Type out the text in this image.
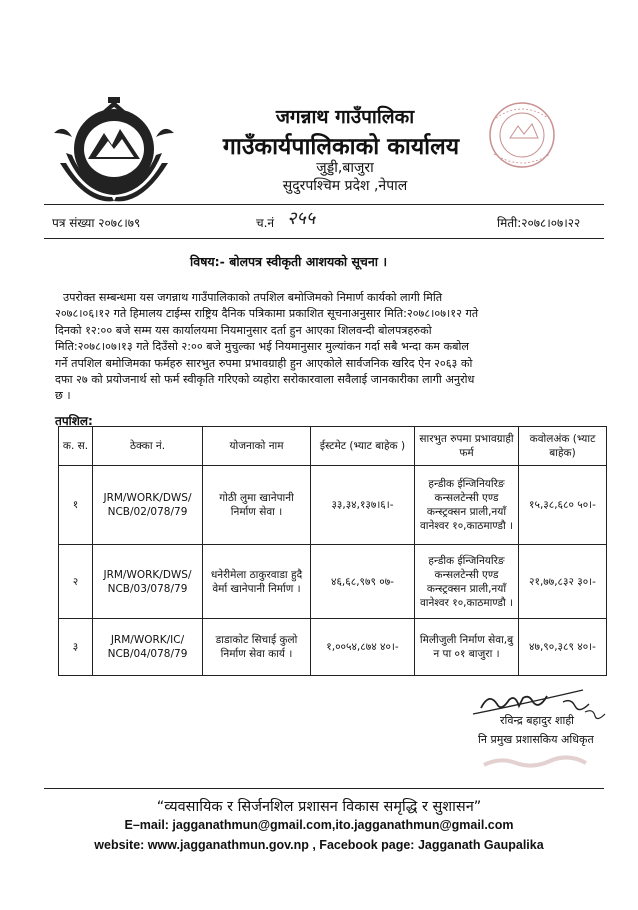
जगन्नाथ गाउँपालिका
गाउँकार्यपालिकाको कार्यालय
जुड्डी,बाजुरा
सुदुरपश्चिम प्रदेश ,नेपाल
पत्र संख्या २०७८।७९	च.नं २५५	मिती:२०७८।०७।२२
विषय:- बोलपत्र स्वीकृती आशयको सूचना ।
उपरोक्त सम्बन्धमा यस जगन्नाथ गाउँपालिकाको तपशिल बमोजिमको निमार्ण कार्यको लागी मिति
२०७८।०६।१२ गते हिमालय टाईम्स राष्ट्रिय दैनिक पत्रिकामा प्रकाशित सूचनाअनुसार मिति:२०७८।०७।१२ गते
दिनको १२:०० बजे सम्म यस कार्यालयमा नियमानुसार दर्ता हुन आएका शिलवन्दी बोलपत्रहरुको
मिति:२०७८।०७।१३ गते दिउँसो २:०० बजे मुचुल्का भई नियमानुसार मुल्यांकन गर्दा सबै भन्दा कम कबोल
गर्ने तपशिल बमोजिमका फर्महरु सारभुत रुपमा प्रभावग्राही हुन आएकोले सार्वजनिक खरिद ऐन २०६३ को
दफा २७ को प्रयोजनार्थ सो फर्म स्वीकृति गरिएको व्यहोरा सरोकारवाला सवैलाई जानकारीका लागी अनुरोध
छ ।
तपशिल:
क. स.	ठेक्का नं.	योजनाको नाम	ईस्टमेट (भ्याट बाहेक )	सारभुत रुपमा प्रभावग्राही फर्म	कवोलअंक (भ्याट बाहेक)
१	JRM/WORK/DWS/ NCB/02/078/79	गोठी लुमा खानेपानी निर्माण सेवा ।	३३,३४,१३७।६।-	हन्डीक ईन्जिनियरिङ कन्सलटेन्सी एण्ड कन्स्ट्रक्सन प्राली,नयाँ वानेश्वर १०,काठमाण्डौ ।	१५,३८,६८० ५०।-
२	JRM/WORK/DWS/ NCB/03/078/79	धनेरीमेला ठाकुरवाडा हुदै वेर्मा खानेपानी निर्माण ।	४६,६८,९७९ ०७-	हन्डीक ईन्जिनियरिङ कन्सलटेन्सी एण्ड कन्स्ट्रक्सन प्राली,नयाँ वानेश्वर १०,काठमाण्डौ ।	२१,७७,८३२ ३०।-
३	JRM/WORK/IC/ NCB/04/078/79	डाडाकोट सिचाई कुलो निर्माण सेवा कार्य ।	१,००५४,८७४ ४०।-	मिलीजुली निर्माण सेवा,बु न पा ०१ बाजुरा ।	४७,९०,३८९ ४०।-
रविन्द्र बहादुर शाही
नि प्रमुख प्रशासकिय अधिकृत
“व्यवसायिक र सिर्जनशिल प्रशासन विकास समृद्धि र सुशासन”
E–mail: jagganathmun@gmail.com,ito.jagganathmun@gmail.com
website: www.jagganathmun.gov.np , Facebook page: Jagganath Gaupalika
